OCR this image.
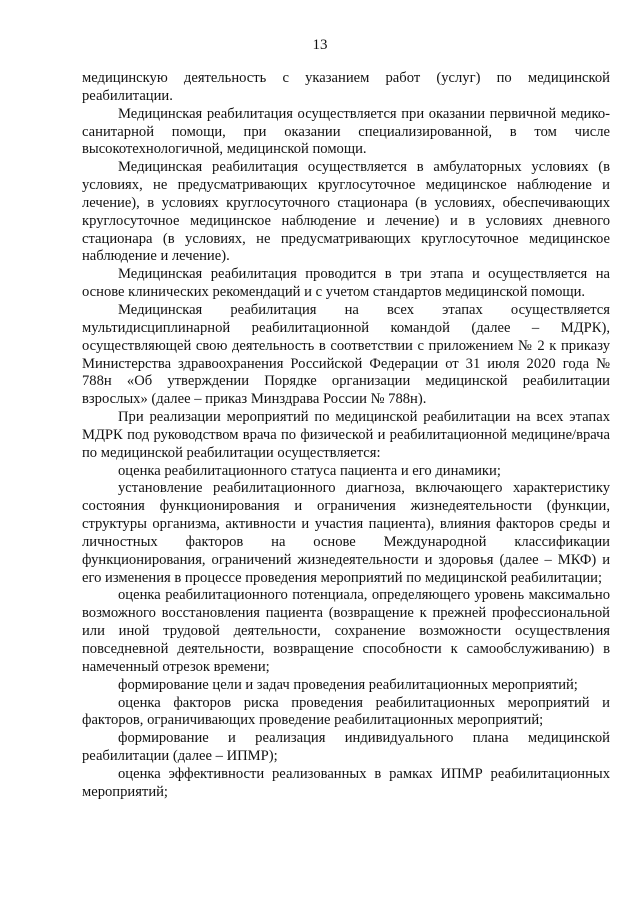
13

медицинскую деятельность с указанием работ (услуг) по медицинской реабилитации.

Медицинская реабилитация осуществляется при оказании первичной медико-санитарной помощи, при оказании специализированной, в том числе высокотехнологичной, медицинской помощи.

Медицинская реабилитация осуществляется в амбулаторных условиях (в условиях, не предусматривающих круглосуточное медицинское наблюдение и лечение), в условиях круглосуточного стационара (в условиях, обеспечивающих круглосуточное медицинское наблюдение и лечение) и в условиях дневного стационара (в условиях, не предусматривающих круглосуточное медицинское наблюдение и лечение).

Медицинская реабилитация проводится в три этапа и осуществляется на основе клинических рекомендаций и с учетом стандартов медицинской помощи.

Медицинская реабилитация на всех этапах осуществляется мультидисциплинарной реабилитационной командой (далее – МДРК), осуществляющей свою деятельность в соответствии с приложением № 2 к приказу Министерства здравоохранения Российской Федерации от 31 июля 2020 года № 788н «Об утверждении Порядке организации медицинской реабилитации взрослых» (далее – приказ Минздрава России № 788н).

При реализации мероприятий по медицинской реабилитации на всех этапах МДРК под руководством врача по физической и реабилитационной медицине/врача по медицинской реабилитации осуществляется:

оценка реабилитационного статуса пациента и его динамики;

установление реабилитационного диагноза, включающего характеристику состояния функционирования и ограничения жизнедеятельности (функции, структуры организма, активности и участия пациента), влияния факторов среды и личностных факторов на основе Международной классификации функционирования, ограничений жизнедеятельности и здоровья (далее – МКФ) и его изменения в процессе проведения мероприятий по медицинской реабилитации;

оценка реабилитационного потенциала, определяющего уровень максимально возможного восстановления пациента (возвращение к прежней профессиональной или иной трудовой деятельности, сохранение возможности осуществления повседневной деятельности, возвращение способности к самообслуживанию) в намеченный отрезок времени;

формирование цели и задач проведения реабилитационных мероприятий;

оценка факторов риска проведения реабилитационных мероприятий и факторов, ограничивающих проведение реабилитационных мероприятий;

формирование и реализация индивидуального плана медицинской реабилитации (далее – ИПМР);

оценка эффективности реализованных в рамках ИПМР реабилитационных мероприятий;
